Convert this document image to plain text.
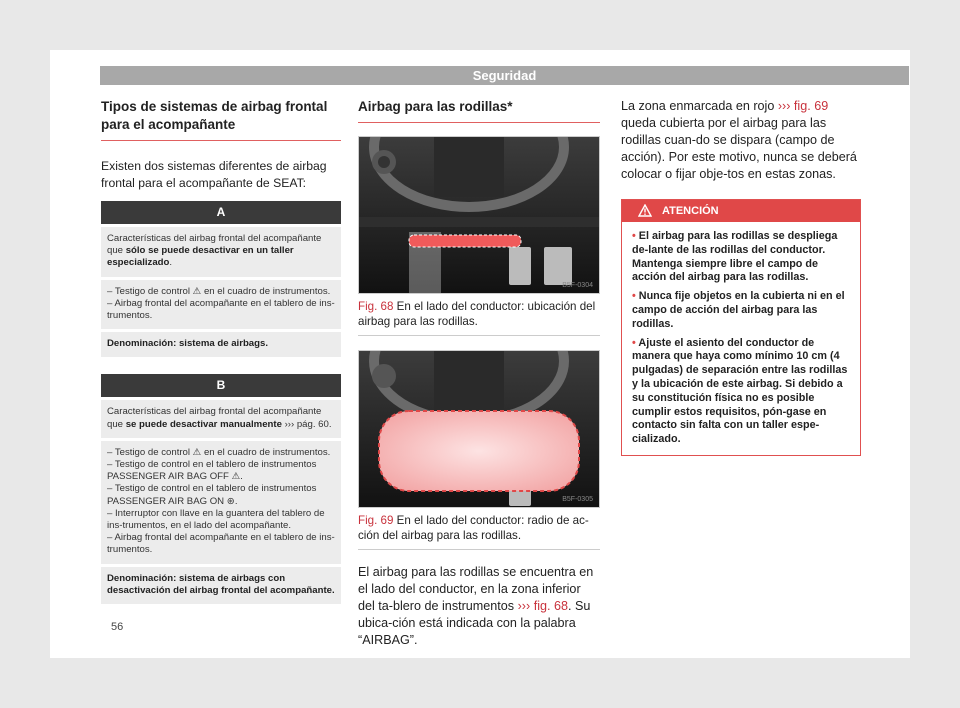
Seguridad
Tipos de sistemas de airbag frontal para el acompañante

Existen dos sistemas diferentes de airbag frontal para el acompañante de SEAT:

A
Características del airbag frontal del acompañante que sólo se puede desactivar en un taller especializado.
– Testigo de control ⚠ en el cuadro de instrumentos.
– Airbag frontal del acompañante en el tablero de ins-trumentos.
Denominación: sistema de airbags.
B
Características del airbag frontal del acompañante que se puede desactivar manualmente ››› pág. 60.
– Testigo de control ⚠ en el cuadro de instrumentos.
– Testigo de control en el tablero de instrumentos PASSENGER AIR BAG OFF ⚠.
– Testigo de control en el tablero de instrumentos PASSENGER AIR BAG ON ⊛.
– Interruptor con llave en la guantera del tablero de ins-trumentos, en el lado del acompañante.
– Airbag frontal del acompañante en el tablero de ins-trumentos.
Denominación: sistema de airbags con desactivación del airbag frontal del acompañante.
Airbag para las rodillas*
B5F-0304
Fig. 68 En el lado del conductor: ubicación del airbag para las rodillas.
B5F-0305
Fig. 69 En el lado del conductor: radio de ac-ción del airbag para las rodillas.

El airbag para las rodillas se encuentra en el lado del conductor, en la zona inferior del ta-blero de instrumentos ››› fig. 68. Su ubica-ción está indicada con la palabra “AIRBAG”.

La zona enmarcada en rojo ››› fig. 69 queda cubierta por el airbag para las rodillas cuan-do se dispara (campo de acción). Por este motivo, nunca se deberá colocar o fijar obje-tos en estas zonas.

ATENCIÓN

• El airbag para las rodillas se despliega de-lante de las rodillas del conductor. Mantenga siempre libre el campo de acción del airbag para las rodillas.

• Nunca fije objetos en la cubierta ni en el campo de acción del airbag para las rodillas.

• Ajuste el asiento del conductor de manera que haya como mínimo 10 cm (4 pulgadas) de separación entre las rodillas y la ubicación de este airbag. Si debido a su constitución física no es posible cumplir estos requisitos, pón-gase en contacto sin falta con un taller espe-cializado.

56
